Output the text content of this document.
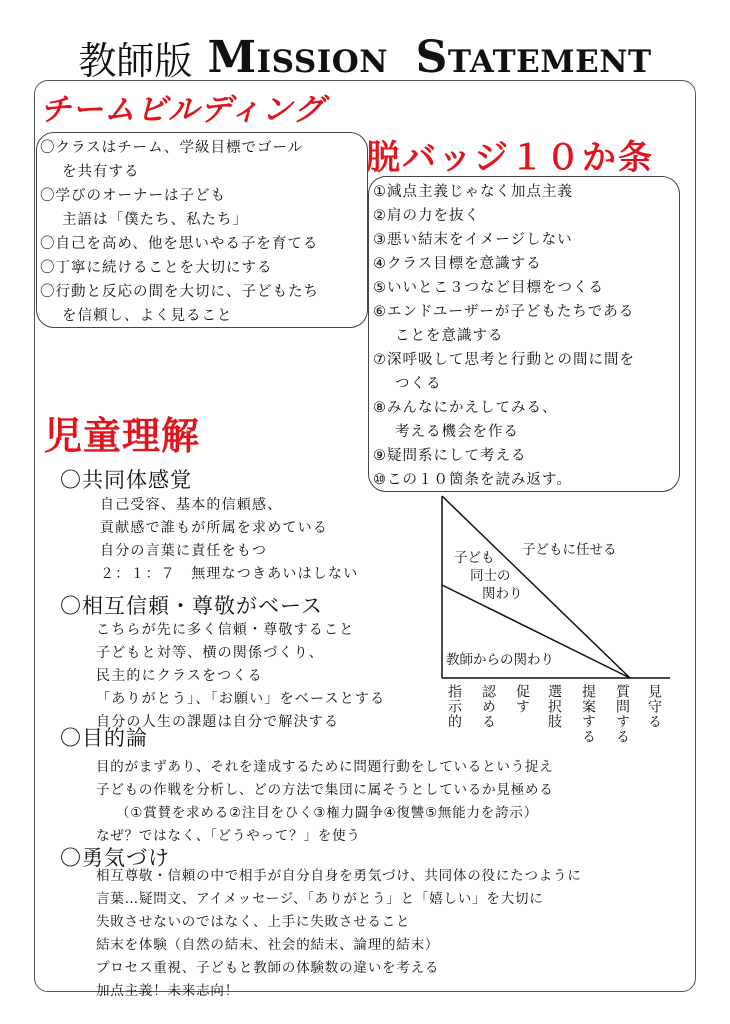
教師版 Mission Statement
チームビルディング
〇クラスはチーム、学級目標でゴール
を共有する
〇学びのオーナーは子ども
主語は「僕たち、私たち」
〇自己を高め、他を思いやる子を育てる
〇丁寧に続けることを大切にする
〇行動と反応の間を大切に、子どもたち
を信頼し、よく見ること
脱バッジ１０か条
①減点主義じゃなく加点主義
②肩の力を抜く
③悪い結末をイメージしない
④クラス目標を意識する
⑤いいとこ３つなど目標をつくる
⑥エンドユーザーが子どもたちである
ことを意識する
⑦深呼吸して思考と行動との間に間を
つくる
⑧みんなにかえしてみる、
考える機会を作る
⑨疑問系にして考える
⑩この１０箇条を読み返す。
児童理解
〇共同体感覚
自己受容、基本的信頼感、
貢献感で誰もが所属を求めている
自分の言葉に責任をもつ
２：１：７　無理なつきあいはしない
〇相互信頼・尊敬がベース
こちらが先に多く信頼・尊敬すること
子どもと対等、横の関係づくり、
民主的にクラスをつくる
「ありがとう」、「お願い」をベースとする
自分の人生の課題は自分で解決する
〇目的論
目的がまずあり、それを達成するために問題行動をしているという捉え
子どもの作戦を分析し、どの方法で集団に属そうとしているか見極める
（①賞賛を求める②注目をひく③権力闘争④復讐⑤無能力を誇示）
なぜ？ではなく、「どうやって？」を使う
〇勇気づけ
相互尊敬・信頼の中で相手が自分自身を勇気づけ、共同体の役にたつように
言葉…疑問文、アイメッセージ、「ありがとう」と「嬉しい」を大切に
失敗させないのではなく、上手に失敗させること
結末を体験（自然の結末、社会的結末、論理的結末）
プロセス重視、子どもと教師の体験数の違いを考える
加点主義！未来志向！
子どもに任せる
子ども
同士の
関わり
教師からの関わり
指示的 認める 促す 選択肢 提案する 質問する 見守る
